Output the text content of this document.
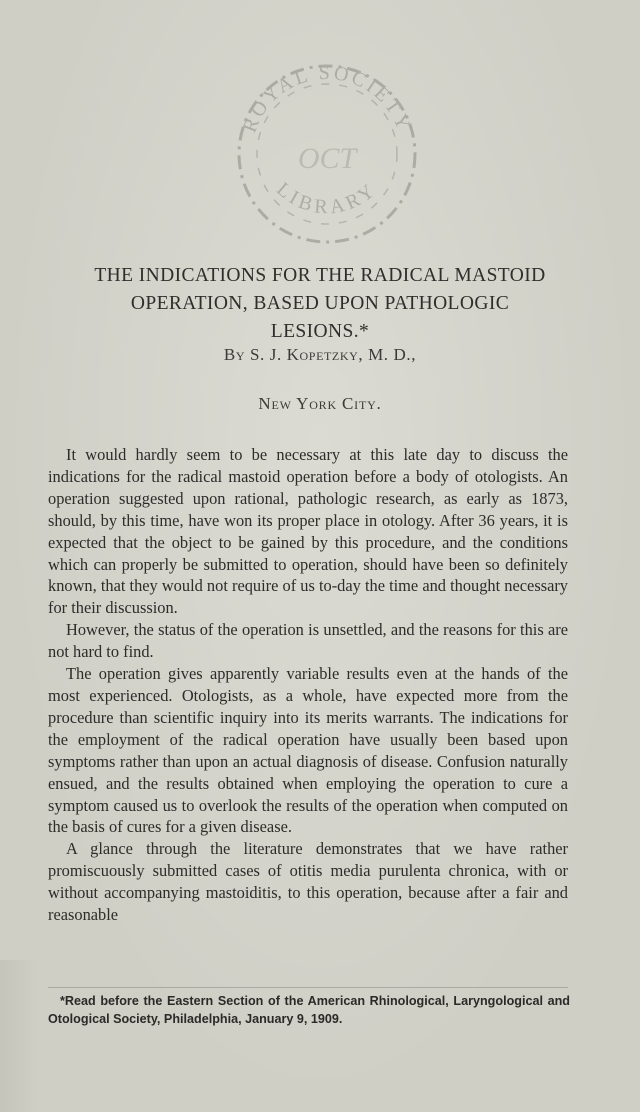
ROYAL SOCIETY
LIBRARY
OCT
THE INDICATIONS FOR THE RADICAL MASTOID
OPERATION, BASED UPON PATHOLOGIC
LESIONS.*
By S. J. Kopetzky, M. D.,
New York City.

It would hardly seem to be necessary at this late day to discuss the indications for the radical mastoid operation before a body of otologists. An operation suggested upon rational, pathologic research, as early as 1873, should, by this time, have won its proper place in otology. After 36 years, it is expected that the object to be gained by this procedure, and the conditions which can properly be submitted to operation, should have been so definitely known, that they would not require of us to-day the time and thought necessary for their discussion.

However, the status of the operation is unsettled, and the reasons for this are not hard to find.

The operation gives apparently variable results even at the hands of the most experienced. Otologists, as a whole, have expected more from the procedure than scientific inquiry into its merits warrants. The indications for the employment of the radical operation have usually been based upon symptoms rather than upon an actual diagnosis of disease. Confusion naturally ensued, and the results obtained when employing the operation to cure a symptom caused us to overlook the results of the operation when computed on the basis of cures for a given disease.

A glance through the literature demonstrates that we have rather promiscuously submitted cases of otitis media purulenta chronica, with or without accompanying mastoiditis, to this operation, because after a fair and reasonable

*Read before the Eastern Section of the American Rhinological, Laryngological and Otological Society, Philadelphia, January 9, 1909.
